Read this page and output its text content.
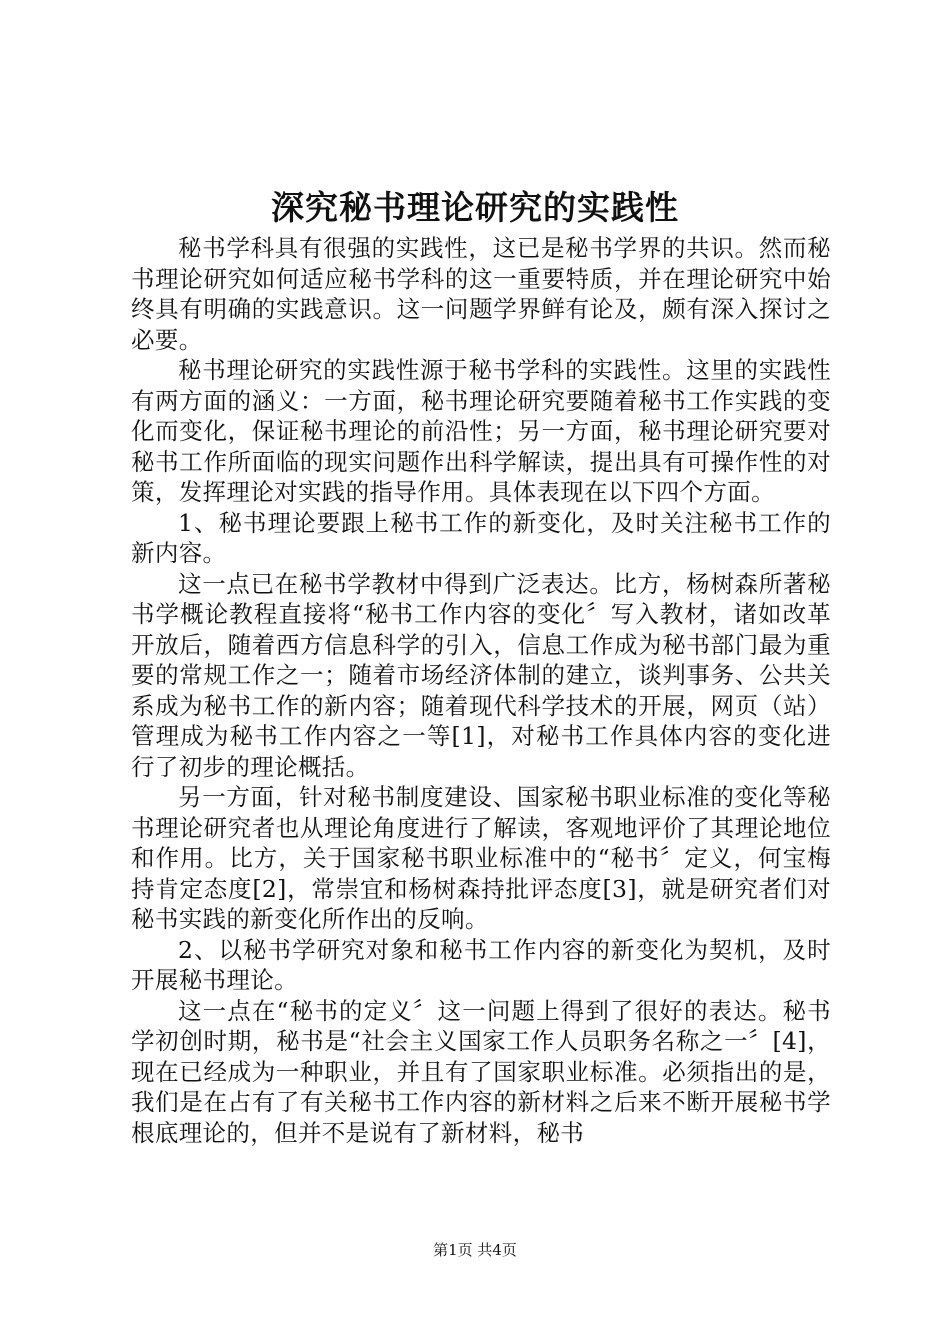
深究秘书理论研究的实践性

秘书学科具有很强的实践性，这已是秘书学界的共识。然而秘书理论研究如何适应秘书学科的这一重要特质，并在理论研究中始终具有明确的实践意识。这一问题学界鲜有论及，颇有深入探讨之必要。

秘书理论研究的实践性源于秘书学科的实践性。这里的实践性有两方面的涵义：一方面，秘书理论研究要随着秘书工作实践的变化而变化，保证秘书理论的前沿性；另一方面，秘书理论研究要对秘书工作所面临的现实问题作出科学解读，提出具有可操作性的对策，发挥理论对实践的指导作用。具体表现在以下四个方面。

1、秘书理论要跟上秘书工作的新变化，及时关注秘书工作的新内容。

这一点已在秘书学教材中得到广泛表达。比方，杨树森所著秘书学概论教程直接将“秘书工作内容的变化〞写入教材，诸如改革开放后，随着西方信息科学的引入，信息工作成为秘书部门最为重要的常规工作之一；随着市场经济体制的建立，谈判事务、公共关系成为秘书工作的新内容；随着现代科学技术的开展，网页（站）管理成为秘书工作内容之一等[1]，对秘书工作具体内容的变化进行了初步的理论概括。

另一方面，针对秘书制度建设、国家秘书职业标准的变化等秘书理论研究者也从理论角度进行了解读，客观地评价了其理论地位和作用。比方，关于国家秘书职业标准中的“秘书〞定义，何宝梅持肯定态度[2]，常崇宜和杨树森持批评态度[3]，就是研究者们对秘书实践的新变化所作出的反响。

2、以秘书学研究对象和秘书工作内容的新变化为契机，及时开展秘书理论。

这一点在“秘书的定义〞这一问题上得到了很好的表达。秘书学初创时期，秘书是“社会主义国家工作人员职务名称之一〞[4]，现在已经成为一种职业，并且有了国家职业标准。必须指出的是，我们是在占有了有关秘书工作内容的新材料之后来不断开展秘书学根底理论的，但并不是说有了新材料，秘书

第1页 共4页
